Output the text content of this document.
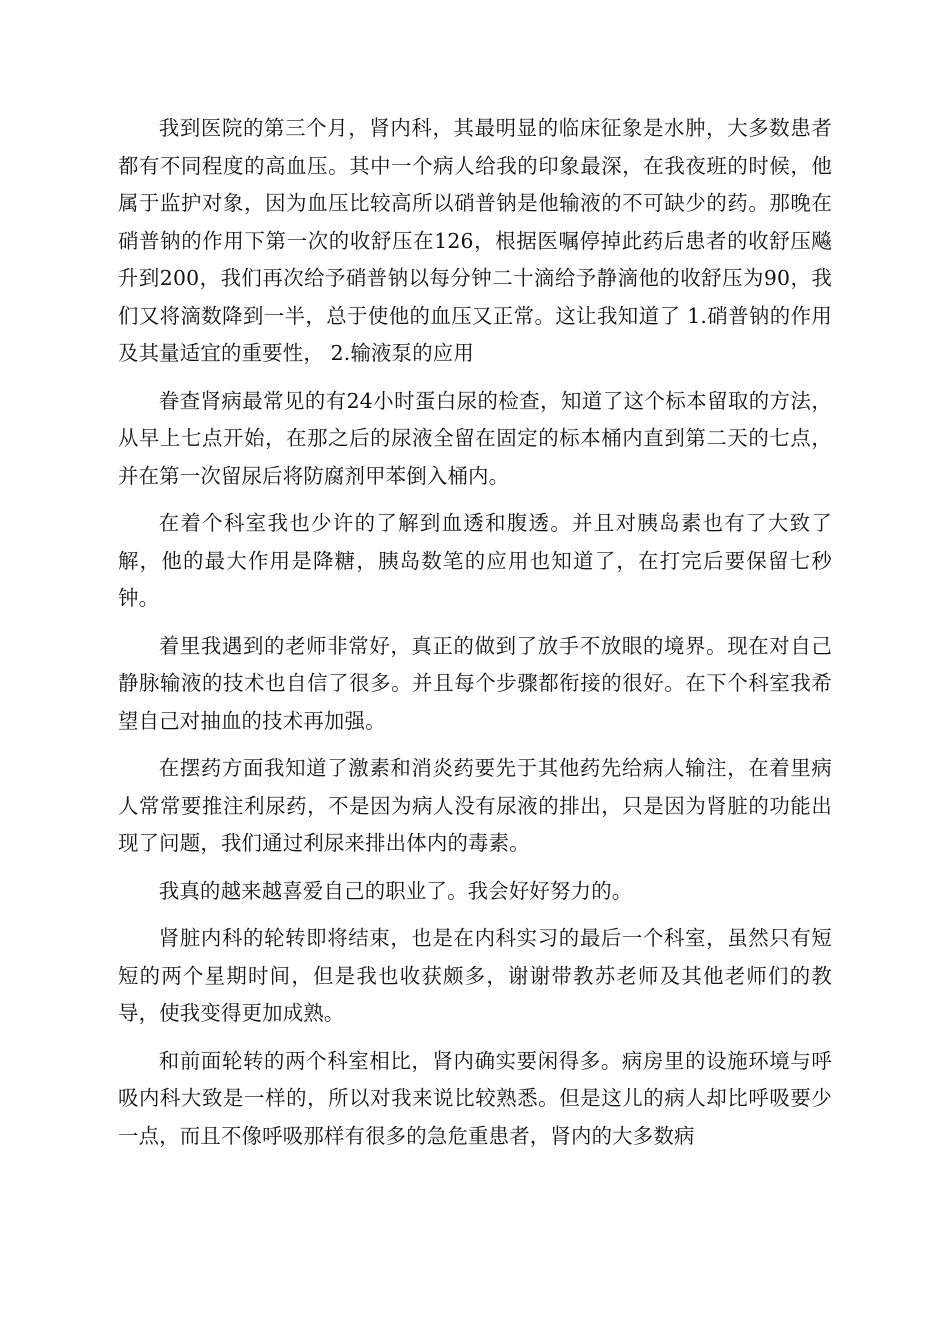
我到医院的第三个月，肾内科，其最明显的临床征象是水肿，大多数患者都有不同程度的高血压。其中一个病人给我的印象最深，在我夜班的时候，他属于监护对象，因为血压比较高所以硝普钠是他输液的不可缺少的药。那晚在硝普钠的作用下第一次的收舒压在126，根据医嘱停掉此药后患者的收舒压飚升到200，我们再次给予硝普钠以每分钟二十滴给予静滴他的收舒压为90，我们又将滴数降到一半，总于使他的血压又正常。这让我知道了 1.硝普钠的作用及其量适宜的重要性， 2.输液泵的应用

眷查肾病最常见的有24小时蛋白尿的检查，知道了这个标本留取的方法，从早上七点开始，在那之后的尿液全留在固定的标本桶内直到第二天的七点，并在第一次留尿后将防腐剂甲苯倒入桶内。

在着个科室我也少许的了解到血透和腹透。并且对胰岛素也有了大致了解，他的最大作用是降糖，胰岛数笔的应用也知道了，在打完后要保留七秒钟。

着里我遇到的老师非常好，真正的做到了放手不放眼的境界。现在对自己静脉输液的技术也自信了很多。并且每个步骤都衔接的很好。在下个科室我希望自己对抽血的技术再加强。

在摆药方面我知道了激素和消炎药要先于其他药先给病人输注，在着里病人常常要推注利尿药，不是因为病人没有尿液的排出，只是因为肾脏的功能出现了问题，我们通过利尿来排出体内的毒素。

我真的越来越喜爱自己的职业了。我会好好努力的。

肾脏内科的轮转即将结束，也是在内科实习的最后一个科室，虽然只有短短的两个星期时间，但是我也收获颇多，谢谢带教苏老师及其他老师们的教导，使我变得更加成熟。

和前面轮转的两个科室相比，肾内确实要闲得多。病房里的设施环境与呼吸内科大致是一样的，所以对我来说比较熟悉。但是这儿的病人却比呼吸要少一点，而且不像呼吸那样有很多的急危重患者，肾内的大多数病
